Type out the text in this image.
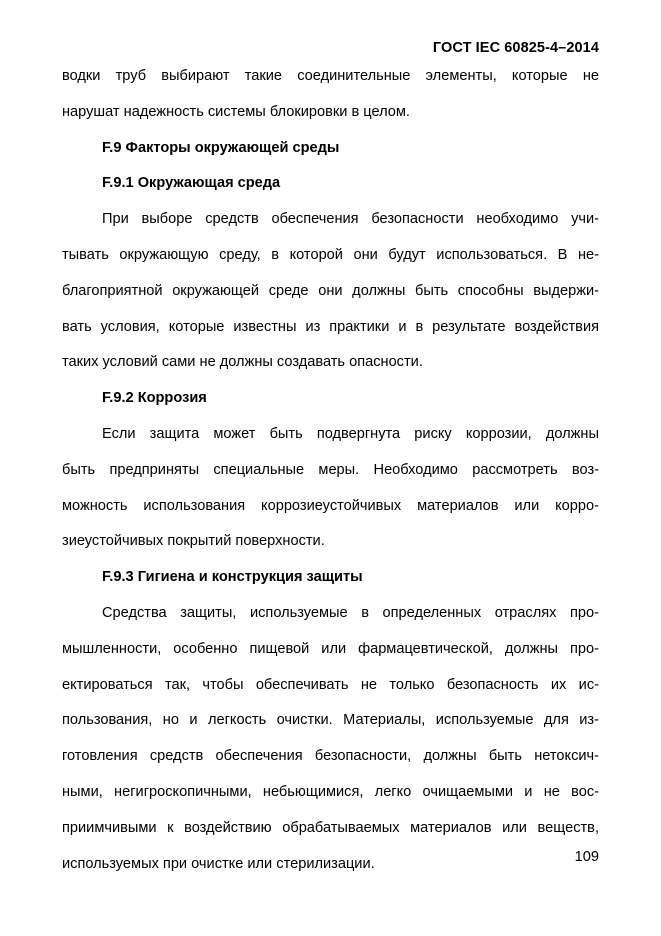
ГОСТ IEC 60825-4–2014
водки труб выбирают такие соединительные элементы, которые не
нарушат надежность системы блокировки в целом.
F.9 Факторы окружающей среды
F.9.1 Окружающая среда
При выборе средств обеспечения безопасности необходимо учи-
тывать окружающую среду, в которой они будут использоваться. В не-
благоприятной окружающей среде они должны быть способны выдержи-
вать условия, которые известны из практики и в результате воздействия
таких условий сами не должны создавать опасности.
F.9.2 Коррозия
Если защита может быть подвергнута риску коррозии, должны
быть предприняты специальные меры. Необходимо рассмотреть воз-
можность использования коррозиеустойчивых материалов или корро-
зиеустойчивых покрытий поверхности.
F.9.3 Гигиена и конструкция защиты
Средства защиты, используемые в определенных отраслях про-
мышленности, особенно пищевой или фармацевтической, должны про-
ектироваться так, чтобы обеспечивать не только безопасность их ис-
пользования, но и легкость очистки. Материалы, используемые для из-
готовления средств обеспечения безопасности, должны быть нетоксич-
ными, негигроскопичными, небьющимися, легко очищаемыми и не вос-
приимчивыми к воздействию обрабатываемых материалов или веществ,
используемых при очистке или стерилизации.	109
